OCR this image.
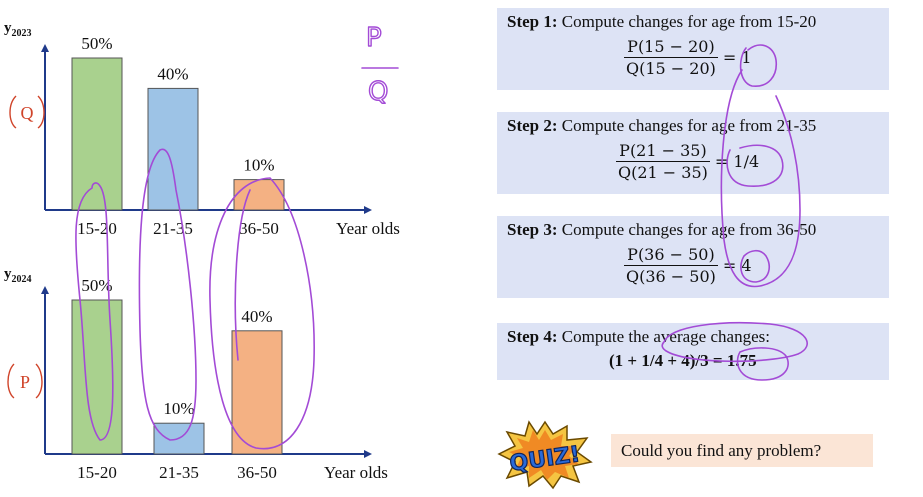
$y_{2023}$
Year olds
50%
15-20
40%
21-35
10%
36-50
$y_{2024}$
Year olds
50%
15-20
10%
21-35
40%
36-50
Step 1: Compute changes for age from 15-20
$\frac{P(15 - 20)}{Q(15 - 20)} = 1$
Step 2: Compute changes for age from 21-35
$\frac{P(21 - 35)}{Q(21 - 35)} = 1/4$
Step 3: Compute changes for age from 36-50
$\frac{P(36 - 50)}{Q(36 - 50)} = 4$
Step 4: Compute the average changes:
(1 + 1/4 + 4)/3 = 1.75
QUIZ!	Could you find any problem?
P
Q
Q
P
